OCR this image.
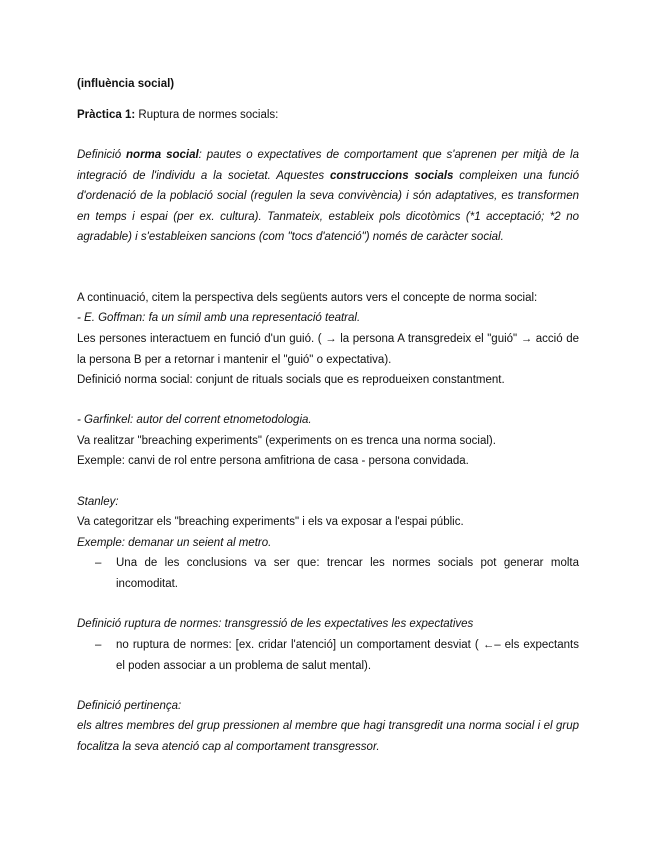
(influència social)

Pràctica 1: Ruptura de normes socials:

Definició norma social: pautes o expectatives de comportament que s'aprenen per mitjà de la integració de l'individu a la societat. Aquestes construccions socials compleixen una funció d'ordenació de la població social (regulen la seva convivència) i són adaptatives, es transformen en temps i espai (per ex. cultura). Tanmateix, estableix pols dicotòmics (*1 acceptació; *2 no agradable) i s'estableixen sancions (com "tocs d'atenció") només de caràcter social.

A continuació, citem la perspectiva dels següents autors vers el concepte de norma social:

- E. Goffman: fa un símil amb una representació teatral.

Les persones interactuem en funció d'un guió. ( → la persona A transgredeix el "guió" → acció de la persona B per a retornar i mantenir el "guió" o expectativa).

Definició norma social: conjunt de rituals socials que es reprodueixen constantment.

- Garfinkel: autor del corrent etnometodologia.

Va realitzar "breaching experiments" (experiments on es trenca una norma social).

Exemple: canvi de rol entre persona amfitriona de casa - persona convidada.

Stanley:

Va categoritzar els "breaching experiments" i els va exposar a l'espai públic.

Exemple: demanar un seient al metro.

–	Una de les conclusions va ser que: trencar les normes socials pot generar molta incomoditat.

Definició ruptura de normes: transgressió de les expectatives les expectatives

–	no ruptura de normes: [ex. cridar l'atenció] un comportament desviat ( ←– els expectants el poden associar a un problema de salut mental).

Definició pertinença:

els altres membres del grup pressionen al membre que hagi transgredit una norma social i el grup focalitza la seva atenció cap al comportament transgressor.
